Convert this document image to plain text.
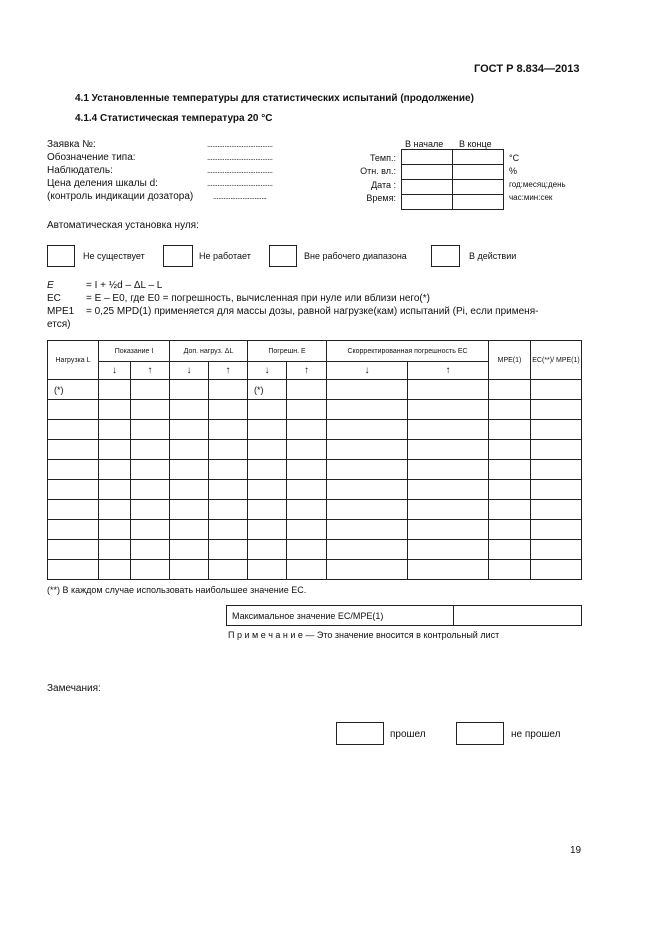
ГОСТ Р 8.834—2013
4.1 Установленные температуры для статистических испытаний (продолжение)
4.1.4 Статистическая температура 20 °С
Заявка №:	......................................
Обозначение типа:	......................................
Наблюдатель:	......................................
Цена деления шкалы d:	......................................
(контроль индикации дозатора) ...............................
В начале В конце
Темп.:
Отн. вл.:
Дата :
Время:

°С
%
год:месяц:день
час:мин:сек
Автоматическая установка нуля:
Не существует	Не работает	Вне рабочего диапазона	В действии
E	= I + ½d – ΔL – L
EC	= E – E0, где E0 = погрешность, вычисленная при нуле или вблизи него(*)
МРЕ1 = 0,25 MPD(1) применяется для массы дозы, равной нагрузке(кам) испытаний (Pi, если применя-
ется)
Нагрузка L	Показание I		Доп. нагруз. ΔL		Погрешн. E		Скорректированная погрешность EC		МРЕ(1)	EC(**)/ МРЕ(1)
	↓	↑	↓	↑	↓	↑	↓	↑		
(*)					(*)					

(**) В каждом случае использовать наибольшее значение EC.
Максимальное значение EC/МРЕ(1)	
П р и м е ч а н и е — Это значение вносится в контрольный лист
Замечания:
прошел	не прошел
19
